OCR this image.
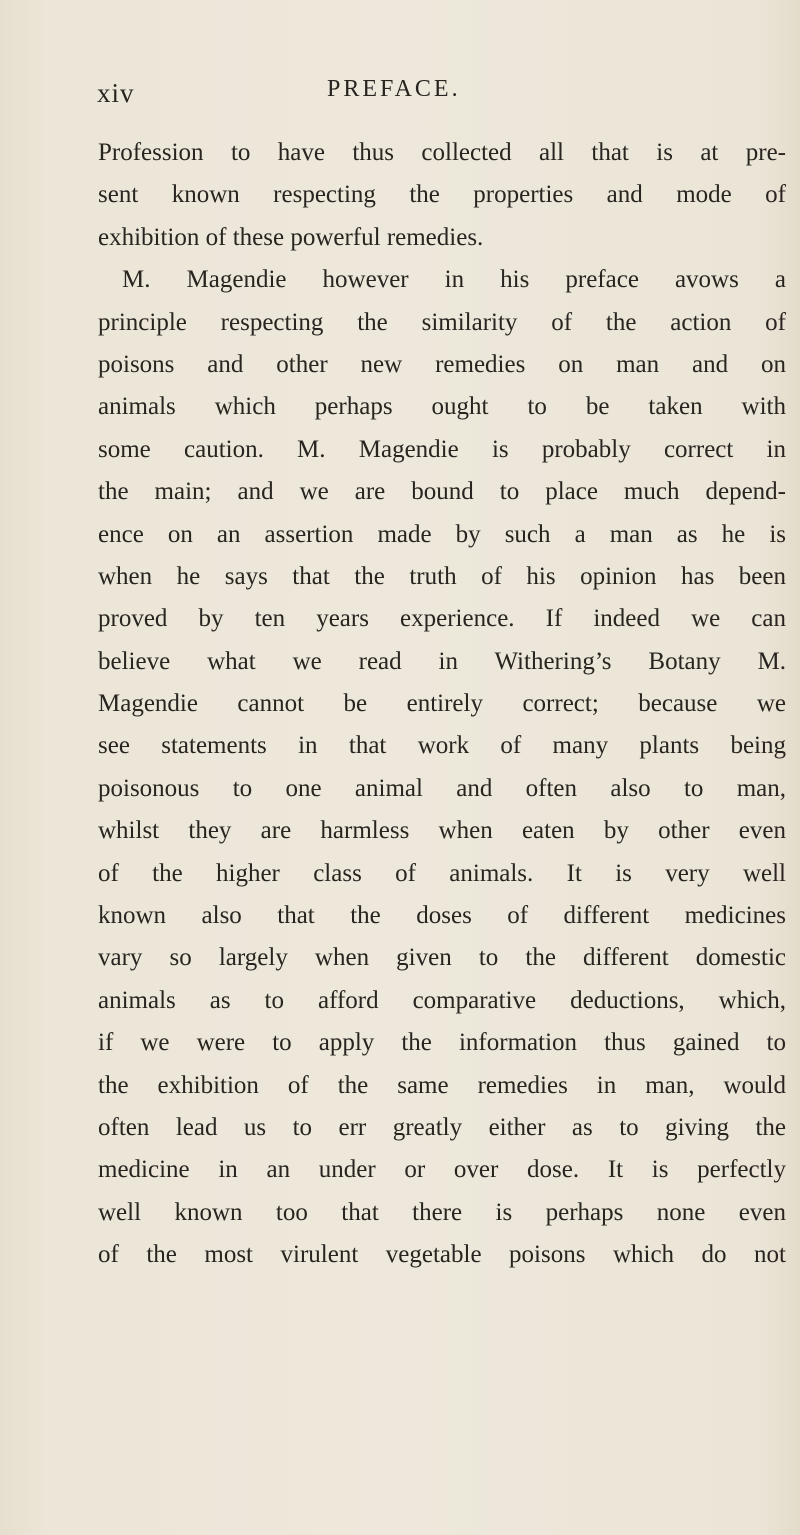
xiv	PREFACE.
Profession to have thus collected all that is at pre-
sent known respecting the properties and mode of
exhibition of these powerful remedies.
M. Magendie however in his preface avows a
principle respecting the similarity of the action of
poisons and other new remedies on man and on
animals which perhaps ought to be taken with
some caution. M. Magendie is probably correct in
the main; and we are bound to place much depend-
ence on an assertion made by such a man as he is
when he says that the truth of his opinion has been
proved by ten years experience. If indeed we can
believe what we read in Withering’s Botany M.
Magendie cannot be entirely correct; because we
see statements in that work of many plants being
poisonous to one animal and often also to man,
whilst they are harmless when eaten by other even
of the higher class of animals. It is very well
known also that the doses of different medicines
vary so largely when given to the different domestic
animals as to afford comparative deductions, which,
if we were to apply the information thus gained to
the exhibition of the same remedies in man, would
often lead us to err greatly either as to giving the
medicine in an under or over dose. It is perfectly
well known too that there is perhaps none even
of the most virulent vegetable poisons which do not
